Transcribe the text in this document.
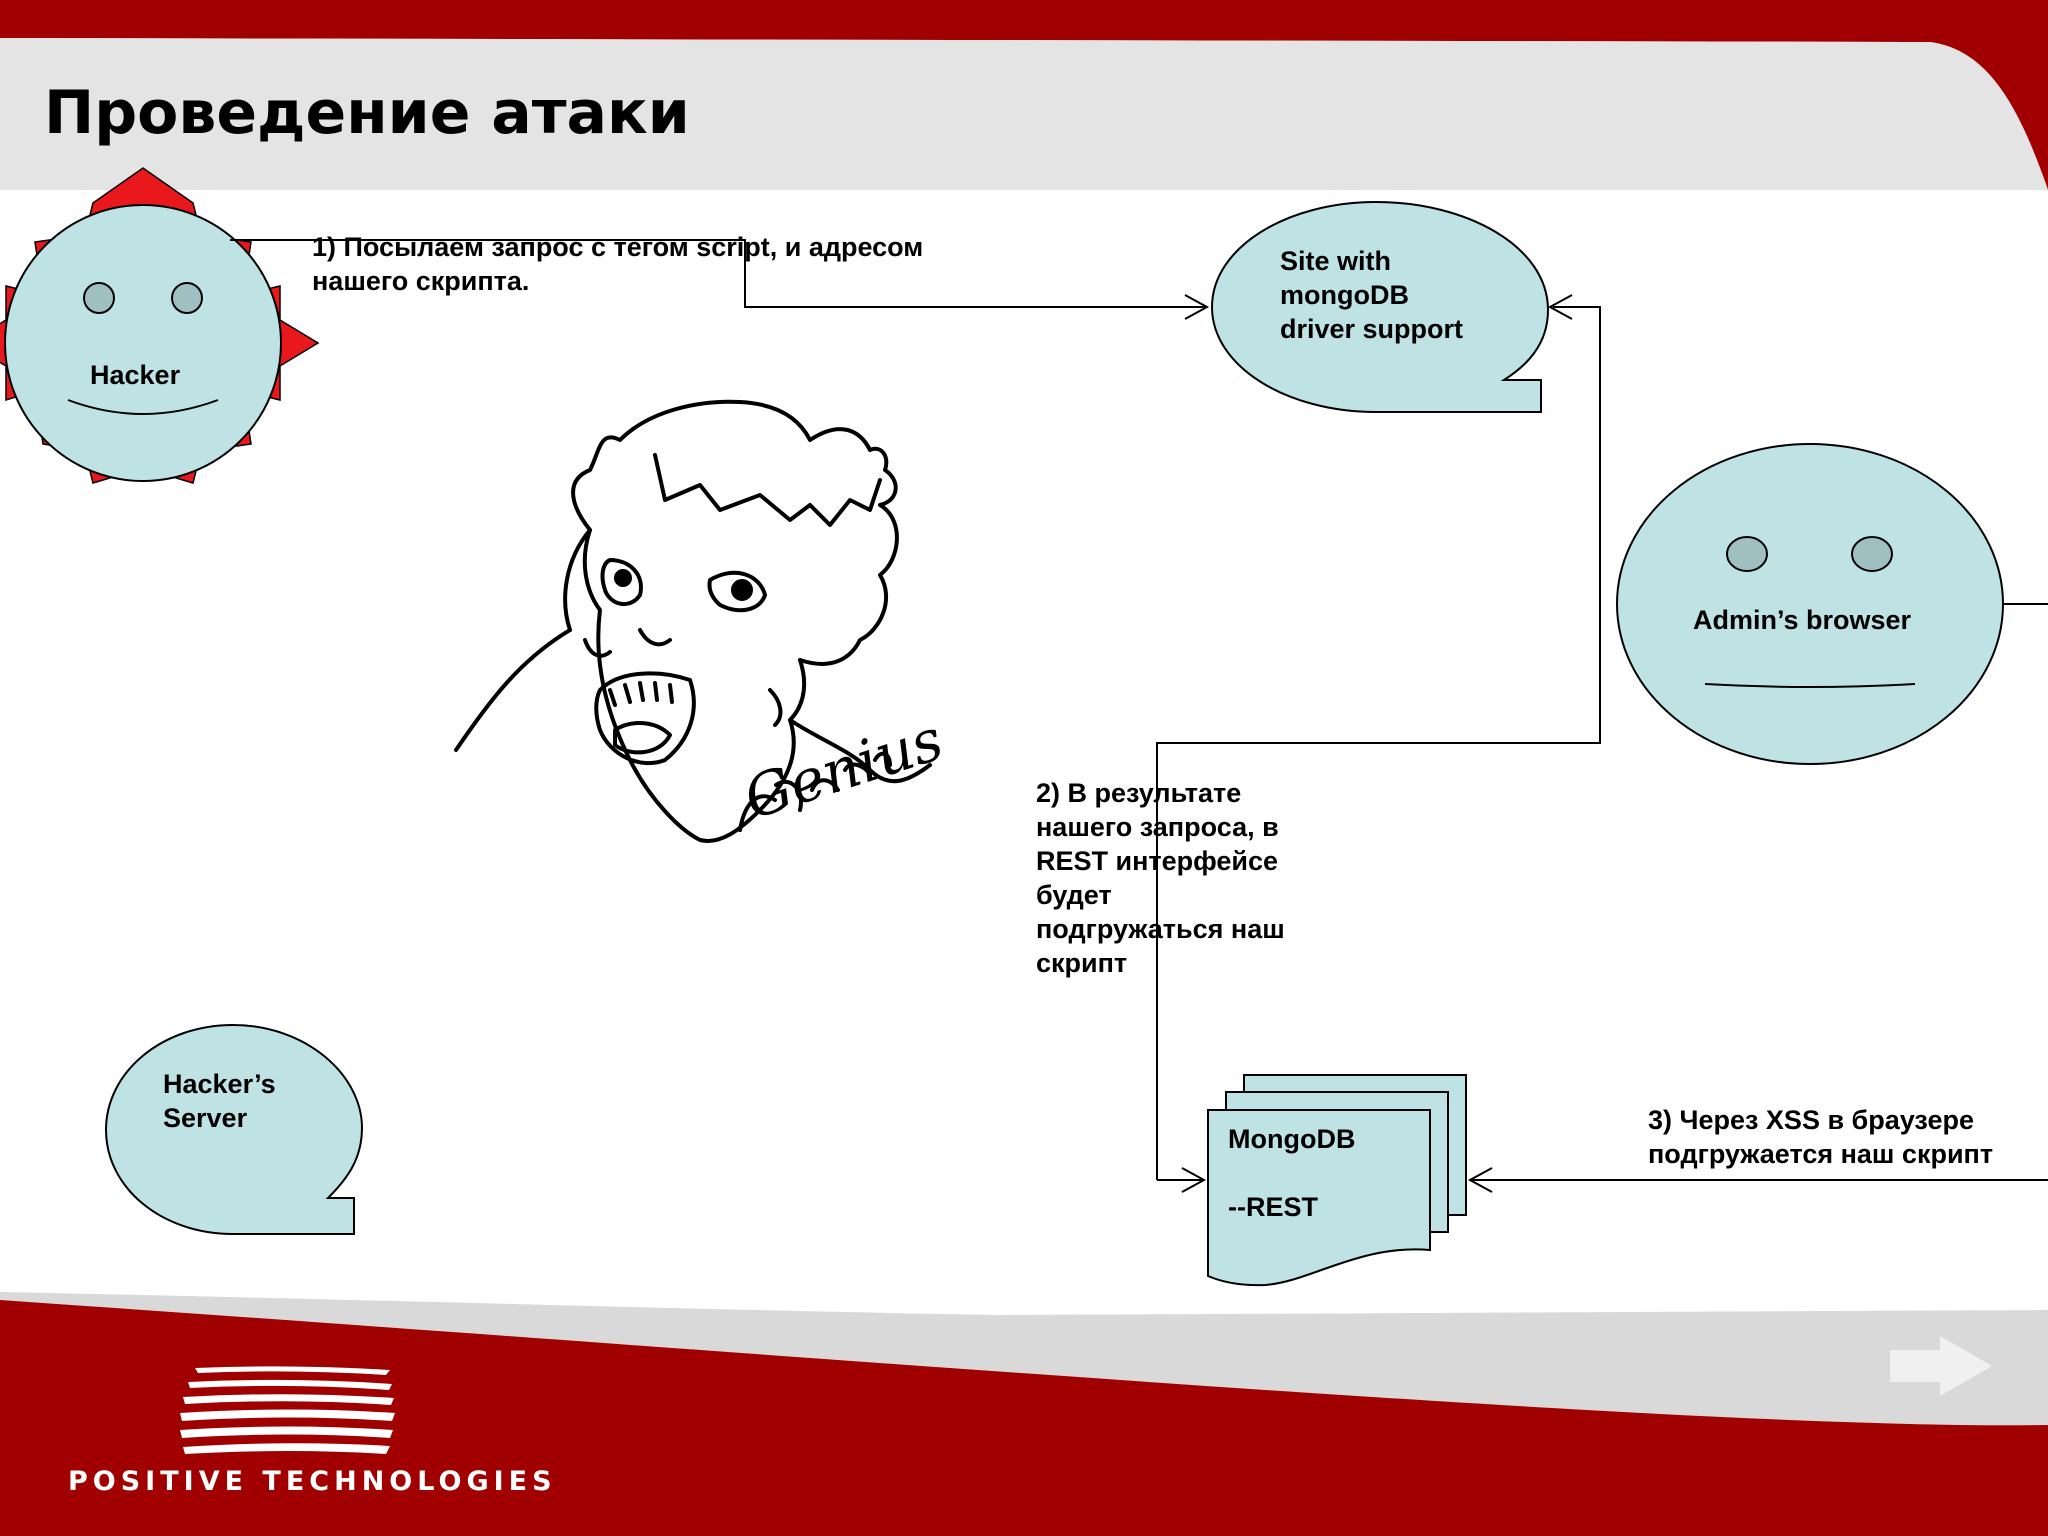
Проведение атаки
Hacker
Site with
mongoDB
driver support
Admin’s browser
Hacker’s
Server
MongoDB
--REST
Genius
1) Посылаем запрос с тегом script, и адресом
нашего скрипта.
2) В результате
нашего запроса, в
REST интерфейсе
будет
подгружаться наш
скрипт
3) Через XSS в браузере
подгружается наш скрипт
POSITIVE TECHNOLOGIES
